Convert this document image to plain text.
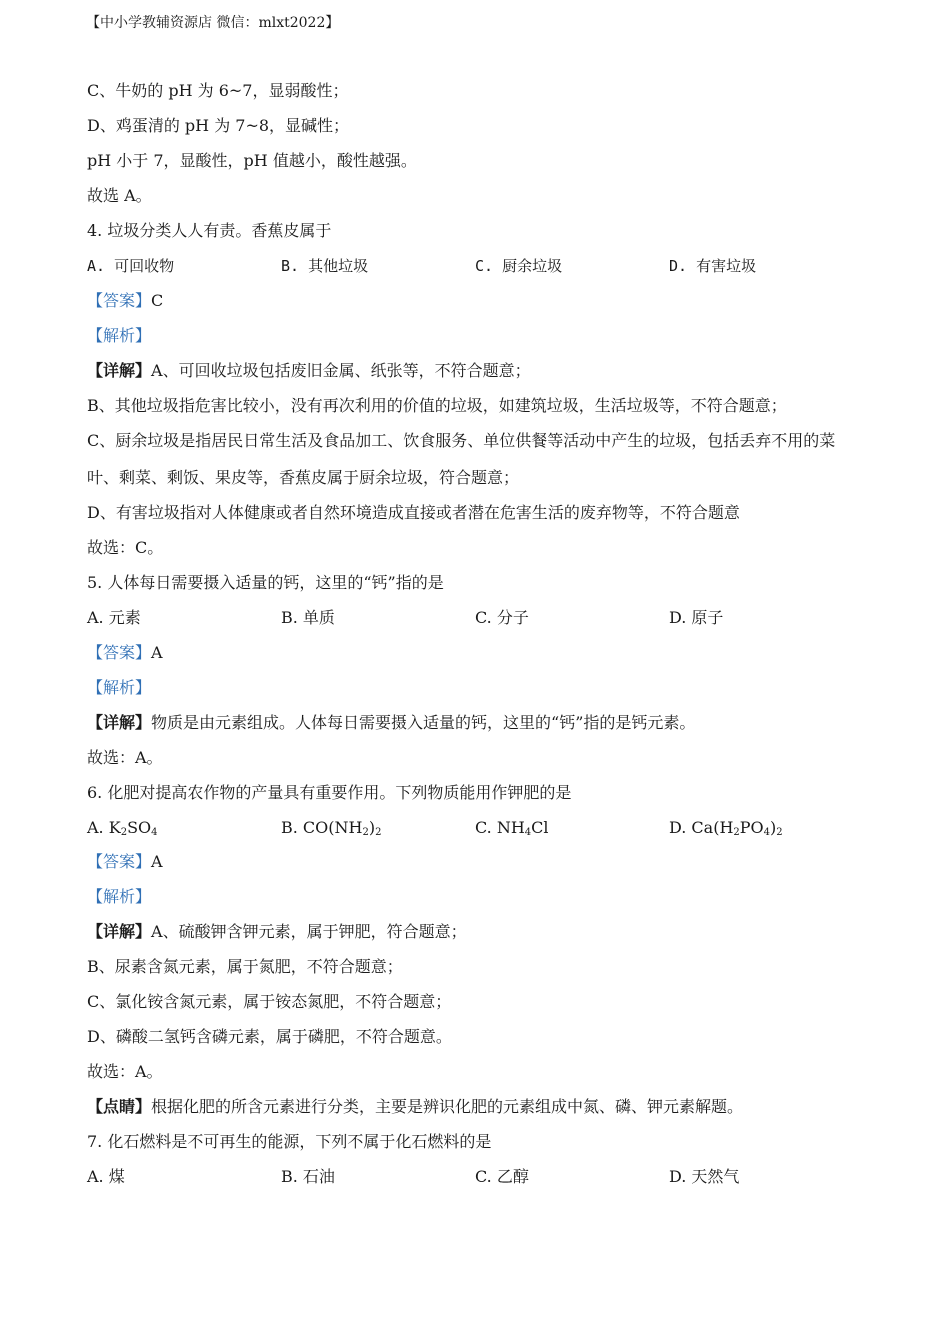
【中小学教辅资源店 微信：mlxt2022】
C、牛奶的 pH 为 6~7，显弱酸性；
D、鸡蛋清的 pH 为 7~8，显碱性；
pH 小于 7，显酸性，pH 值越小，酸性越强。
故选 A。
4. 垃圾分类人人有责。香蕉皮属于
A. 可回收物	B. 其他垃圾	C. 厨余垃圾	D. 有害垃圾
【答案】C
【解析】
【详解】A、可回收垃圾包括废旧金属、纸张等，不符合题意；
B、其他垃圾指危害比较小，没有再次利用的价值的垃圾，如建筑垃圾，生活垃圾等，不符合题意；
C、厨余垃圾是指居民日常生活及食品加工、饮食服务、单位供餐等活动中产生的垃圾，包括丢弃不用的菜叶、剩菜、剩饭、果皮等，香蕉皮属于厨余垃圾，符合题意；
D、有害垃圾指对人体健康或者自然环境造成直接或者潜在危害生活的废弃物等，不符合题意
故选：C。
5. 人体每日需要摄入适量的钙，这里的“钙”指的是
A. 元素	B. 单质	C. 分子	D. 原子
【答案】A
【解析】
【详解】物质是由元素组成。人体每日需要摄入适量的钙，这里的“钙”指的是钙元素。
故选：A。
6. 化肥对提高农作物的产量具有重要作用。下列物质能用作钾肥的是
A. $K_2SO_4$	B. $CO(NH_2)_2$	C. $NH_4Cl$	D. $Ca(H_2PO_4)_2$
【答案】A
【解析】
【详解】A、硫酸钾含钾元素，属于钾肥，符合题意；
B、尿素含氮元素，属于氮肥，不符合题意；
C、氯化铵含氮元素，属于铵态氮肥，不符合题意；
D、磷酸二氢钙含磷元素，属于磷肥，不符合题意。
故选：A。
【点睛】根据化肥的所含元素进行分类，主要是辨识化肥的元素组成中氮、磷、钾元素解题。
7. 化石燃料是不可再生的能源，下列不属于化石燃料的是
A. 煤	B. 石油	C. 乙醇	D. 天然气
